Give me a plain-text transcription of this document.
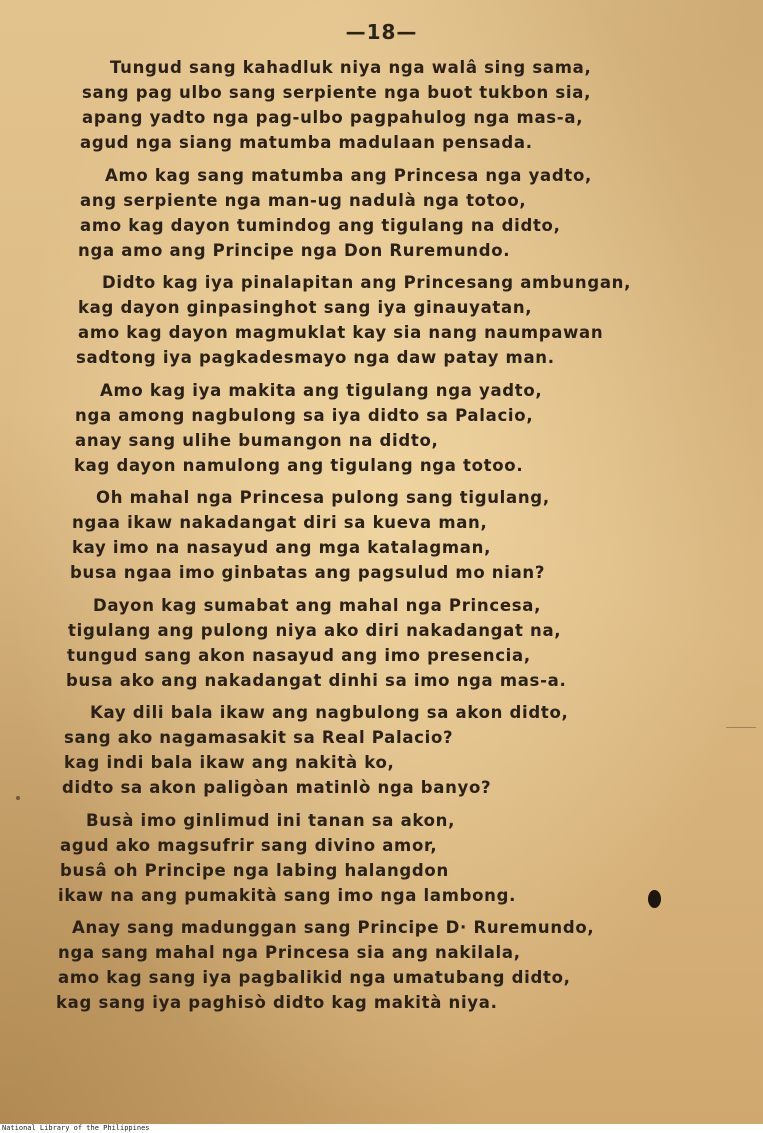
—18—
Tungud sang kahadluk niya nga walâ sing sama,
sang pag ulbo sang serpiente nga buot tukbon sia,
apang yadto nga pag-ulbo pagpahulog nga mas-a,
agud nga siang matumba madulaan pensada.
Amo kag sang matumba ang Princesa nga yadto,
ang serpiente nga man-ug nadulà nga totoo,
amo kag dayon tumindog ang tigulang na didto,
nga amo ang Principe nga Don Ruremundo.
Didto kag iya pinalapitan ang Princesang ambungan,
kag dayon ginpasinghot sang iya ginauyatan,
amo kag dayon magmuklat kay sia nang naumpawan
sadtong iya pagkadesmayo nga daw patay man.
Amo kag iya makita ang tigulang nga yadto,
nga among nagbulong sa iya didto sa Palacio,
anay sang ulihe bumangon na didto,
kag dayon namulong ang tigulang nga totoo.
Oh mahal nga Princesa pulong sang tigulang,
ngaa ikaw nakadangat diri sa kueva man,
kay imo na nasayud ang mga katalagman,
busa ngaa imo ginbatas ang pagsulud mo nian?
Dayon kag sumabat ang mahal nga Princesa,
tigulang ang pulong niya ako diri nakadangat na,
tungud sang akon nasayud ang imo presencia,
busa ako ang nakadangat dinhi sa imo nga mas-a.
Kay dili bala ikaw ang nagbulong sa akon didto,
sang ako nagamasakit sa Real Palacio?
kag indi bala ikaw ang nakità ko,
didto sa akon paligòan matinlò nga banyo?
Busà imo ginlimud ini tanan sa akon,
agud ako magsufrir sang divino amor,
busâ oh Principe nga labing halangdon
ikaw na ang pumakità sang imo nga lambong.
Anay sang madunggan sang Principe D· Ruremundo,
nga sang mahal nga Princesa sia ang nakilala,
amo kag sang iya pagbalikid nga umatubang didto,
kag sang iya paghisò didto kag makità niya.
National Library of the Philippines
